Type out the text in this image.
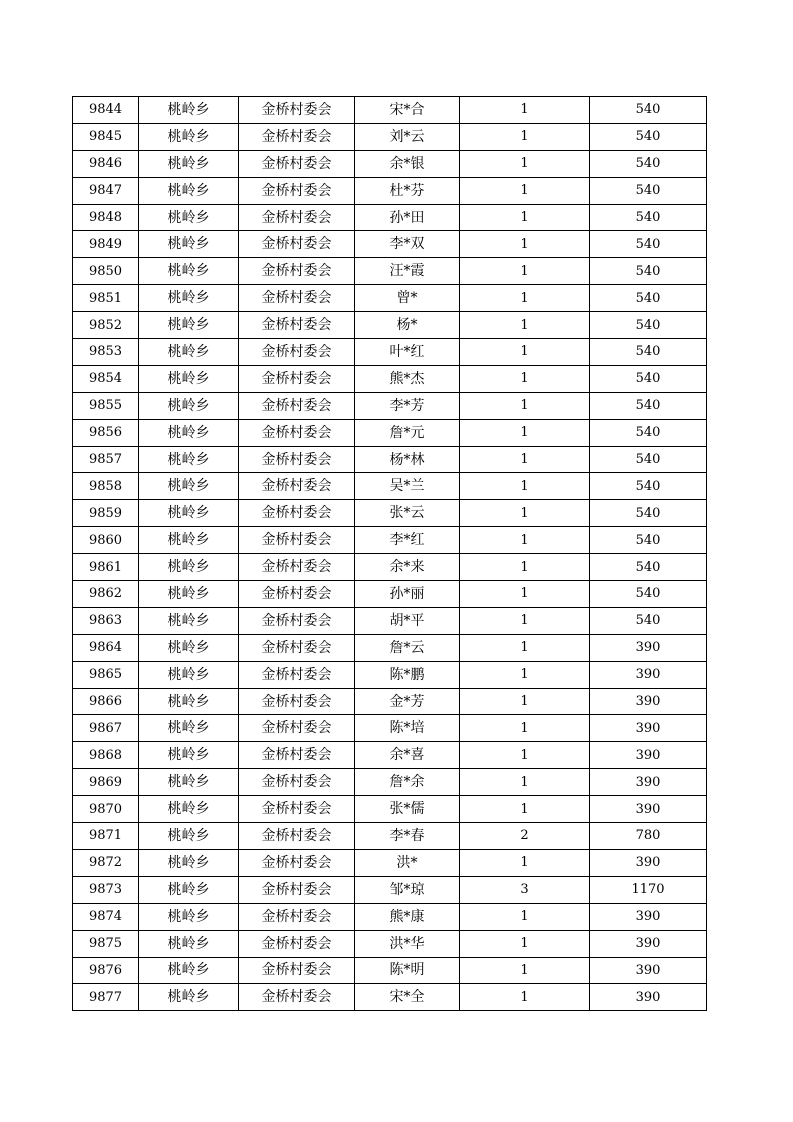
9844	桃岭乡	金桥村委会	宋*合	1	540
9845	桃岭乡	金桥村委会	刘*云	1	540
9846	桃岭乡	金桥村委会	余*银	1	540
9847	桃岭乡	金桥村委会	杜*芬	1	540
9848	桃岭乡	金桥村委会	孙*田	1	540
9849	桃岭乡	金桥村委会	李*双	1	540
9850	桃岭乡	金桥村委会	汪*霞	1	540
9851	桃岭乡	金桥村委会	曾*	1	540
9852	桃岭乡	金桥村委会	杨*	1	540
9853	桃岭乡	金桥村委会	叶*红	1	540
9854	桃岭乡	金桥村委会	熊*杰	1	540
9855	桃岭乡	金桥村委会	李*芳	1	540
9856	桃岭乡	金桥村委会	詹*元	1	540
9857	桃岭乡	金桥村委会	杨*林	1	540
9858	桃岭乡	金桥村委会	吴*兰	1	540
9859	桃岭乡	金桥村委会	张*云	1	540
9860	桃岭乡	金桥村委会	李*红	1	540
9861	桃岭乡	金桥村委会	余*来	1	540
9862	桃岭乡	金桥村委会	孙*丽	1	540
9863	桃岭乡	金桥村委会	胡*平	1	540
9864	桃岭乡	金桥村委会	詹*云	1	390
9865	桃岭乡	金桥村委会	陈*鹏	1	390
9866	桃岭乡	金桥村委会	金*芳	1	390
9867	桃岭乡	金桥村委会	陈*培	1	390
9868	桃岭乡	金桥村委会	余*喜	1	390
9869	桃岭乡	金桥村委会	詹*余	1	390
9870	桃岭乡	金桥村委会	张*儒	1	390
9871	桃岭乡	金桥村委会	李*春	2	780
9872	桃岭乡	金桥村委会	洪*	1	390
9873	桃岭乡	金桥村委会	邹*琼	3	1170
9874	桃岭乡	金桥村委会	熊*康	1	390
9875	桃岭乡	金桥村委会	洪*华	1	390
9876	桃岭乡	金桥村委会	陈*明	1	390
9877	桃岭乡	金桥村委会	宋*全	1	390
